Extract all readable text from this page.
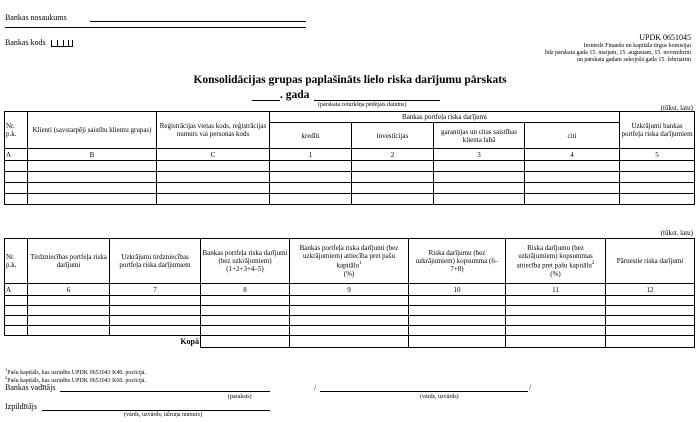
Bankas nosaukums
Bankas kods
UPDK 0651045
Iesniedz Finanšu un kapitāla tirgus komisijai
līdz pārskata gada 15. maijam, 15. augustam, 15. novembrim
un pārskata gadam sekojošā gada 15. februārim
Konsolidācijas grupas paplašināts lielo riska darījumu pārskats
. gada
(pārskata ceturkšņa pēdējais datums)	(tūkst. latu)
Nr. p.k.	Klienti (savstarpēji saistītu klientu grupas)	Reģistrācijas vietas kods, reģistrācijas numurs vai personas kods	Bankas portfeļa riska darījumi				Uzkrājumi bankas portfeļa riska darījumiem
			kredīti	investīcijas	garantijas un citas saistības klienta labā	citi	
A	B	C	1	2	3	4	5

(tūkst. latu)
Nr. p.k.	Tirdzniecības portfeļa riska darījumi	Uzkrājumi tirdzniecības portfeļa riska darījumiem	Bankas portfeļa riska darījumi (bez uzkrājumiem) (1+2+3+4–5)	Bankas portfeļa riska darījumi (bez uzkrājumiem) attiecība pret pašu kapitālu$^1$
(%)	Riska darījumu (bez uzkrājumiem) kopsumma (6–7+8)	Riska darījumu (bez uzkrājumiem) kopsummas attiecība pret pašu kapitālu$^2$
(%)	Pārnestie riska darījumi
A	6	7	8	9	10	11	12

Kopā							
$^1$Pašu kapitāls, kas uzrādīts UPDK 0651043 K40. pozīcijā.
$^2$Pašu kapitāls, kas uzrādīts UPDK 0651043 K60. pozīcijā.
Bankas vadītājs
(paraksts)
/	/
(vārds, uzvārds)
Izpildītājs
(vārds, uzvārds; tālruņa numurs)
